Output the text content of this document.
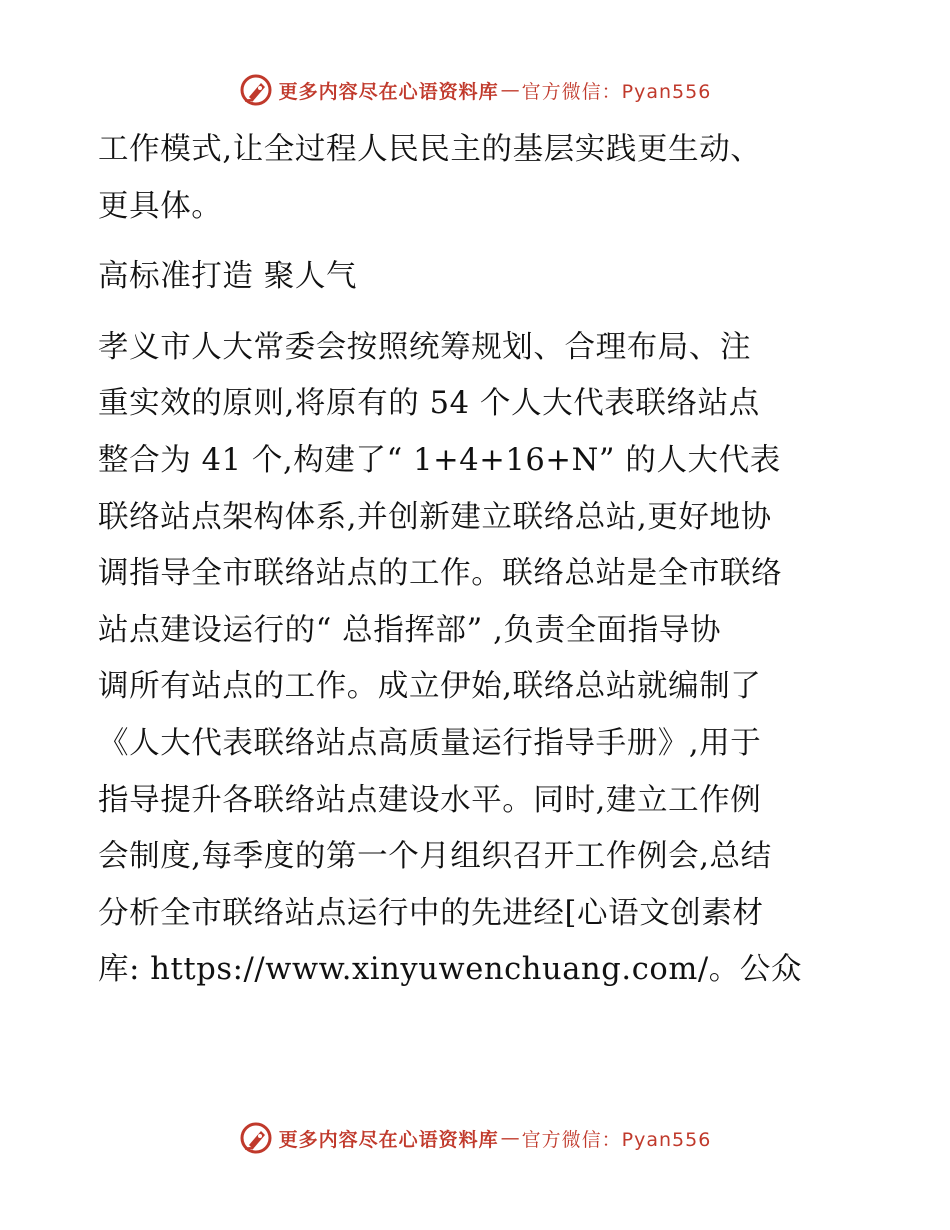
更多内容尽在心语资料库 — 官方微信：Pyan556
工作模式,让全过程人民民主的基层实践更生动、
更具体。
高标准打造 聚人气
孝义市人大常委会按照统筹规划、合理布局、注
重实效的原则,将原有的 54 个人大代表联络站点
整合为 41 个,构建了“ 1+4+16+N” 的人大代表
联络站点架构体系,并创新建立联络总站,更好地协
调指导全市联络站点的工作。联络总站是全市联络
站点建设运行的“ 总指挥部” ,负责全面指导协
调所有站点的工作。成立伊始,联络总站就编制了
《人大代表联络站点高质量运行指导手册》,用于
指导提升各联络站点建设水平。同时,建立工作例
会制度,每季度的第一个月组织召开工作例会,总结
分析全市联络站点运行中的先进经[心语文创素材
库: https://www.xinyuwenchuang.com/。公众
更多内容尽在心语资料库 — 官方微信：Pyan556
